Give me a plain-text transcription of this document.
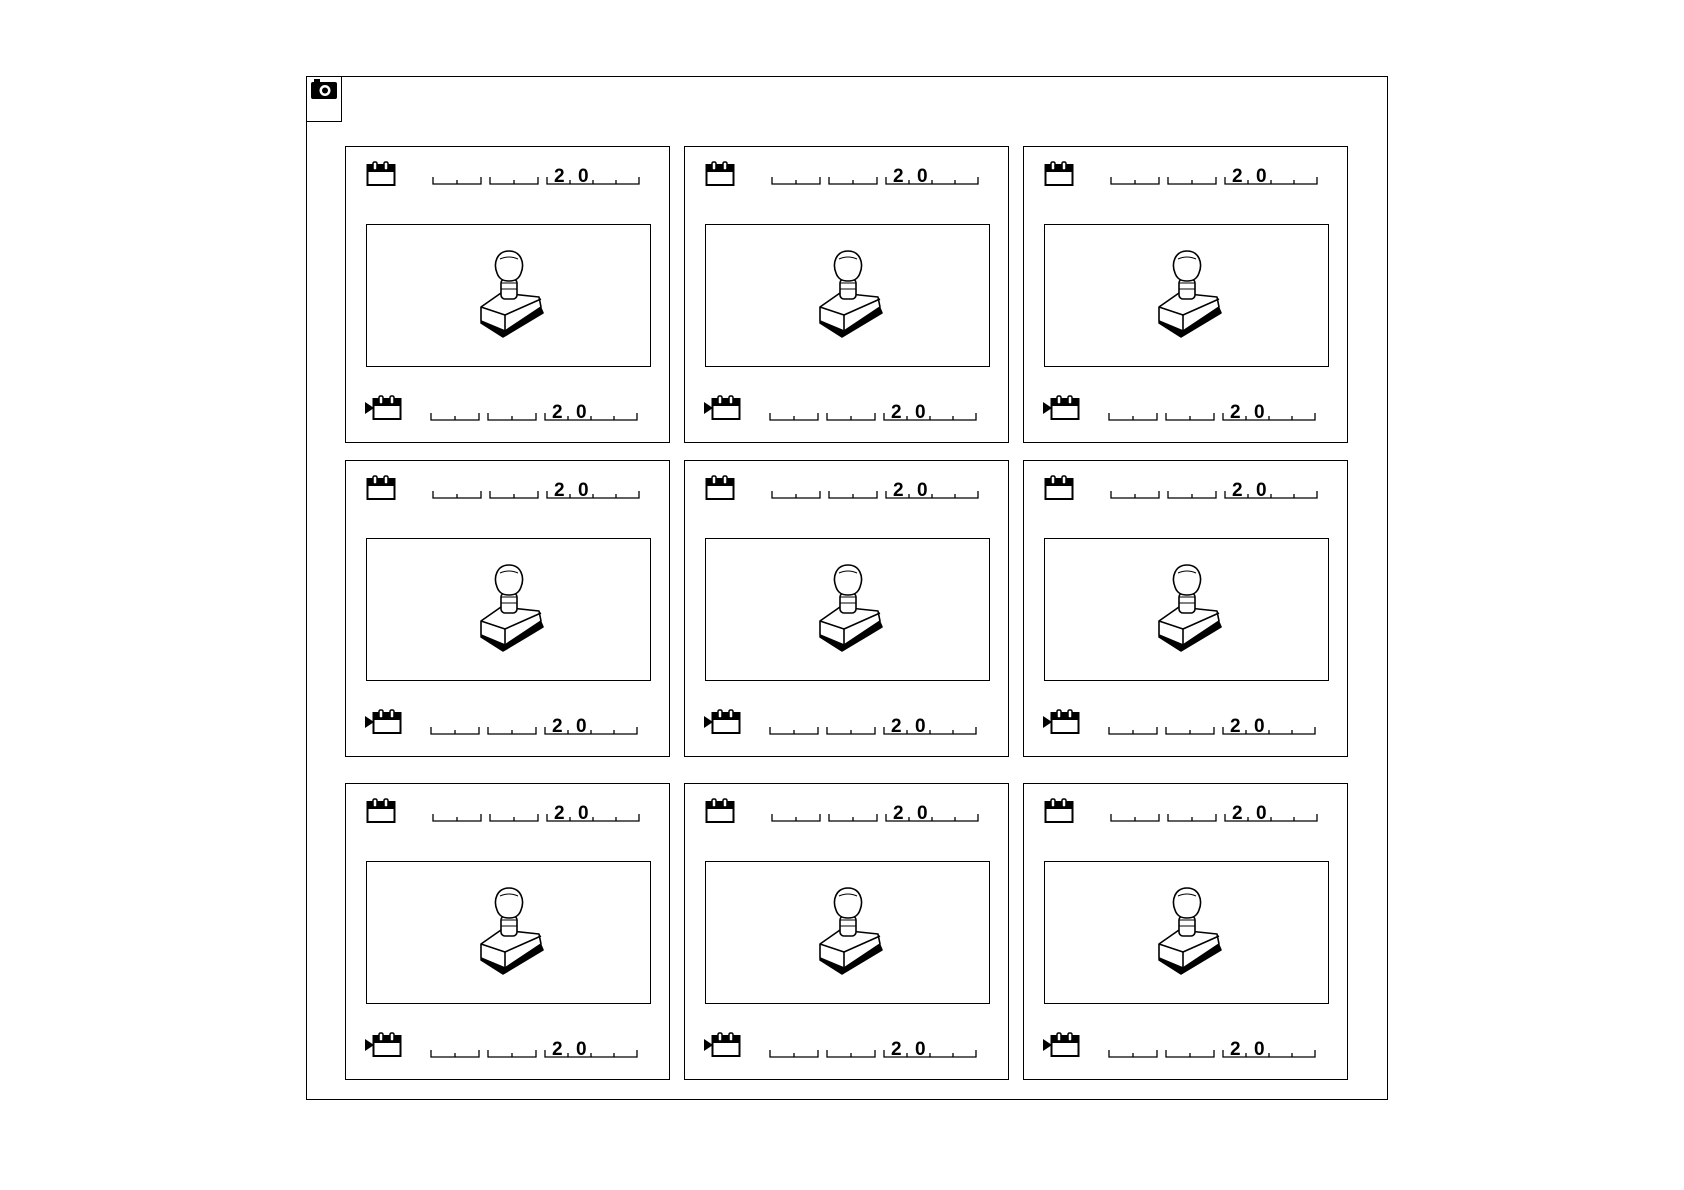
2 0
2 0
2 0
2 0
2 0
2 0
2 0
2 0
2 0
2 0
2 0
2 0
2 0
2 0
2 0
2 0
2 0
2 0
